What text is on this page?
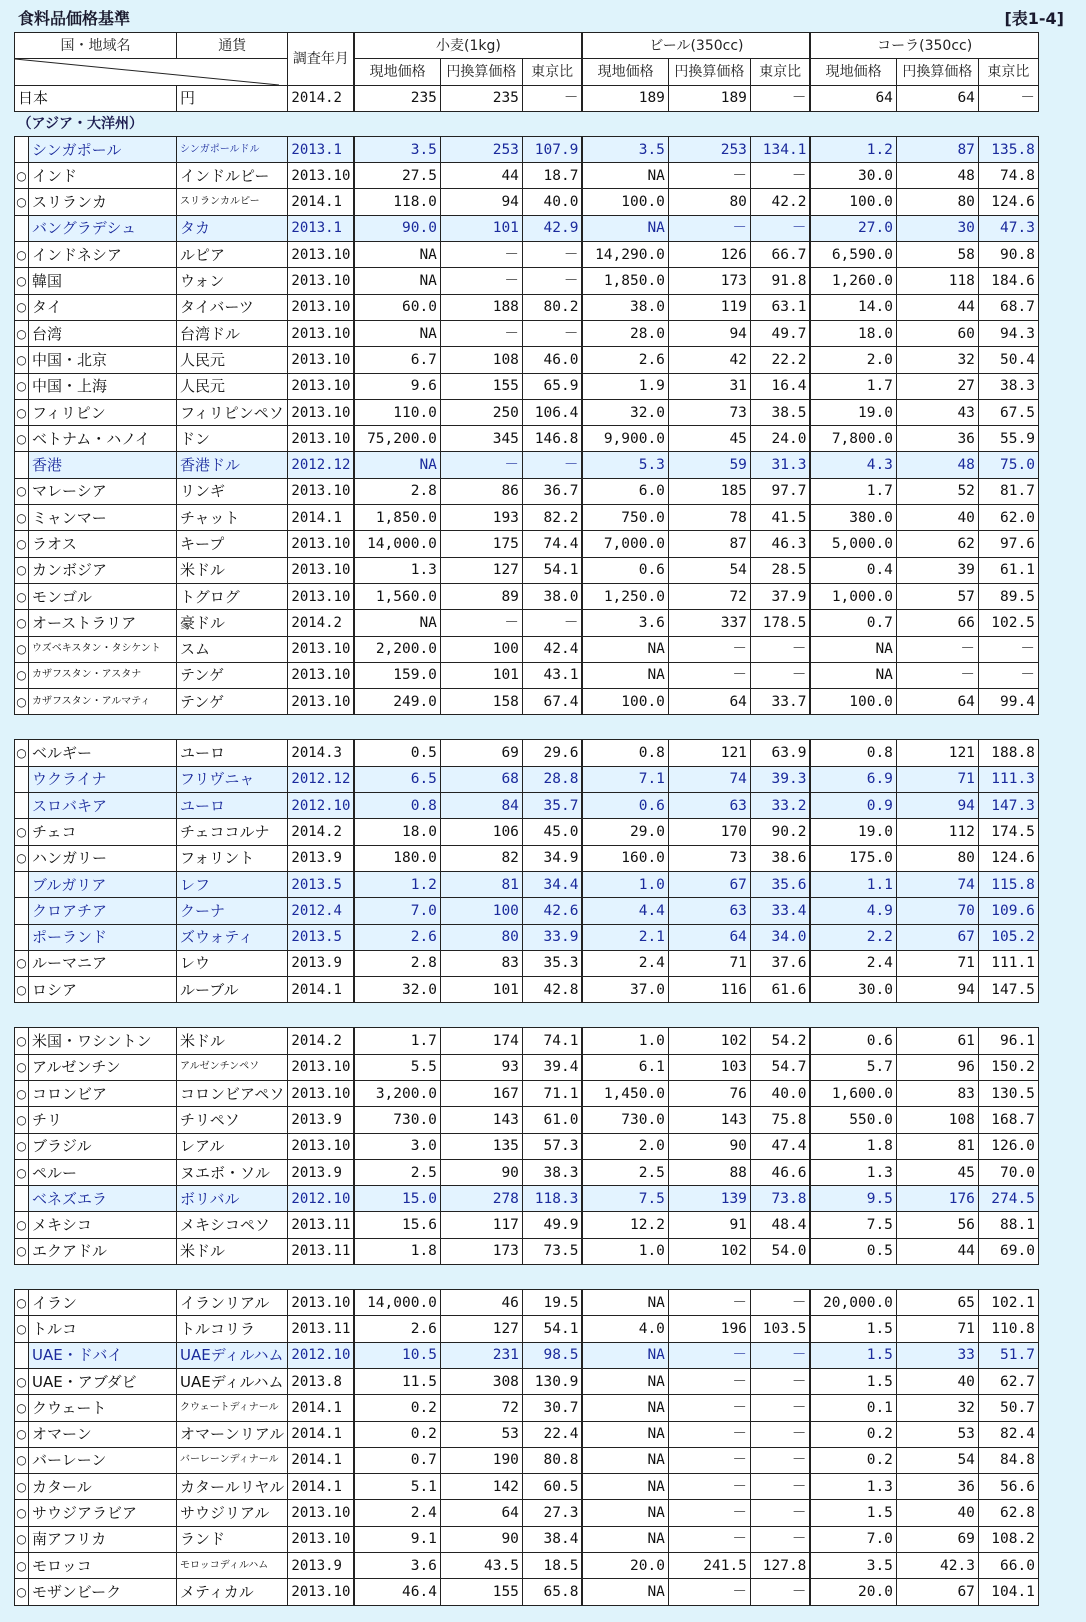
食料品価格基準	[表1-4]
国・地域名		通貨	調査年月	小麦(1kg)			ビール(350cc)			コーラ(350cc)		

	現地価格	円換算価格	東京比	現地価格	円換算価格	東京比	現地価格	円換算価格	東京比
日本		円	2014.2	235	235	－	189	189	－	64	64	－
（アジア・大洋州）												
	シンガポール	シンガポールドル	2013.1	3.5	253	107.9	3.5	253	134.1	1.2	87	135.8
○	インド	インドルピー	2013.10	27.5	44	18.7	NA	－	－	30.0	48	74.8
○	スリランカ	スリランカルピー	2014.1	118.0	94	40.0	100.0	80	42.2	100.0	80	124.6
	バングラデシュ	タカ	2013.1	90.0	101	42.9	NA	－	－	27.0	30	47.3
○	インドネシア	ルピア	2013.10	NA	－	－	14,290.0	126	66.7	6,590.0	58	90.8
○	韓国	ウォン	2013.10	NA	－	－	1,850.0	173	91.8	1,260.0	118	184.6
○	タイ	タイバーツ	2013.10	60.0	188	80.2	38.0	119	63.1	14.0	44	68.7
○	台湾	台湾ドル	2013.10	NA	－	－	28.0	94	49.7	18.0	60	94.3
○	中国・北京	人民元	2013.10	6.7	108	46.0	2.6	42	22.2	2.0	32	50.4
○	中国・上海	人民元	2013.10	9.6	155	65.9	1.9	31	16.4	1.7	27	38.3
○	フィリピン	フィリピンペソ	2013.10	110.0	250	106.4	32.0	73	38.5	19.0	43	67.5
○	ベトナム・ハノイ	ドン	2013.10	75,200.0	345	146.8	9,900.0	45	24.0	7,800.0	36	55.9
	香港	香港ドル	2012.12	NA	－	－	5.3	59	31.3	4.3	48	75.0
○	マレーシア	リンギ	2013.10	2.8	86	36.7	6.0	185	97.7	1.7	52	81.7
○	ミャンマー	チャット	2014.1	1,850.0	193	82.2	750.0	78	41.5	380.0	40	62.0
○	ラオス	キープ	2013.10	14,000.0	175	74.4	7,000.0	87	46.3	5,000.0	62	97.6
○	カンボジア	米ドル	2013.10	1.3	127	54.1	0.6	54	28.5	0.4	39	61.1
○	モンゴル	トグログ	2013.10	1,560.0	89	38.0	1,250.0	72	37.9	1,000.0	57	89.5
○	オーストラリア	豪ドル	2014.2	NA	－	－	3.6	337	178.5	0.7	66	102.5
○	ウズベキスタン・タシケント	スム	2013.10	2,200.0	100	42.4	NA	－	－	NA	－	－
○	カザフスタン・アスタナ	テンゲ	2013.10	159.0	101	43.1	NA	－	－	NA	－	－
○	カザフスタン・アルマティ	テンゲ	2013.10	249.0	158	67.4	100.0	64	33.7	100.0	64	99.4

○	ベルギー	ユーロ	2014.3	0.5	69	29.6	0.8	121	63.9	0.8	121	188.8
	ウクライナ	フリヴニャ	2012.12	6.5	68	28.8	7.1	74	39.3	6.9	71	111.3
	スロバキア	ユーロ	2012.10	0.8	84	35.7	0.6	63	33.2	0.9	94	147.3
○	チェコ	チェココルナ	2014.2	18.0	106	45.0	29.0	170	90.2	19.0	112	174.5
○	ハンガリー	フォリント	2013.9	180.0	82	34.9	160.0	73	38.6	175.0	80	124.6
	ブルガリア	レフ	2013.5	1.2	81	34.4	1.0	67	35.6	1.1	74	115.8
	クロアチア	クーナ	2012.4	7.0	100	42.6	4.4	63	33.4	4.9	70	109.6
	ポーランド	ズウォティ	2013.5	2.6	80	33.9	2.1	64	34.0	2.2	67	105.2
○	ルーマニア	レウ	2013.9	2.8	83	35.3	2.4	71	37.6	2.4	71	111.1
○	ロシア	ルーブル	2014.1	32.0	101	42.8	37.0	116	61.6	30.0	94	147.5

○	米国・ワシントン	米ドル	2014.2	1.7	174	74.1	1.0	102	54.2	0.6	61	96.1
○	アルゼンチン	アルゼンチンペソ	2013.10	5.5	93	39.4	6.1	103	54.7	5.7	96	150.2
○	コロンビア	コロンビアペソ	2013.10	3,200.0	167	71.1	1,450.0	76	40.0	1,600.0	83	130.5
○	チリ	チリペソ	2013.9	730.0	143	61.0	730.0	143	75.8	550.0	108	168.7
○	ブラジル	レアル	2013.10	3.0	135	57.3	2.0	90	47.4	1.8	81	126.0
○	ペルー	ヌエボ・ソル	2013.9	2.5	90	38.3	2.5	88	46.6	1.3	45	70.0
	ベネズエラ	ボリバル	2012.10	15.0	278	118.3	7.5	139	73.8	9.5	176	274.5
○	メキシコ	メキシコペソ	2013.11	15.6	117	49.9	12.2	91	48.4	7.5	56	88.1
○	エクアドル	米ドル	2013.11	1.8	173	73.5	1.0	102	54.0	0.5	44	69.0

○	イラン	イランリアル	2013.10	14,000.0	46	19.5	NA	－	－	20,000.0	65	102.1
○	トルコ	トルコリラ	2013.11	2.6	127	54.1	4.0	196	103.5	1.5	71	110.8
	UAE・ドバイ	UAEディルハム	2012.10	10.5	231	98.5	NA	－	－	1.5	33	51.7
○	UAE・アブダビ	UAEディルハム	2013.8	11.5	308	130.9	NA	－	－	1.5	40	62.7
○	クウェート	クウェートディナール	2014.1	0.2	72	30.7	NA	－	－	0.1	32	50.7
○	オマーン	オマーンリアル	2014.1	0.2	53	22.4	NA	－	－	0.2	53	82.4
○	バーレーン	バーレーンディナール	2014.1	0.7	190	80.8	NA	－	－	0.2	54	84.8
○	カタール	カタールリヤル	2014.1	5.1	142	60.5	NA	－	－	1.3	36	56.6
○	サウジアラビア	サウジリアル	2013.10	2.4	64	27.3	NA	－	－	1.5	40	62.8
○	南アフリカ	ランド	2013.10	9.1	90	38.4	NA	－	－	7.0	69	108.2
○	モロッコ	モロッコディルハム	2013.9	3.6	43.5	18.5	20.0	241.5	127.8	3.5	42.3	66.0
○	モザンビーク	メティカル	2013.10	46.4	155	65.8	NA	－	－	20.0	67	104.1
